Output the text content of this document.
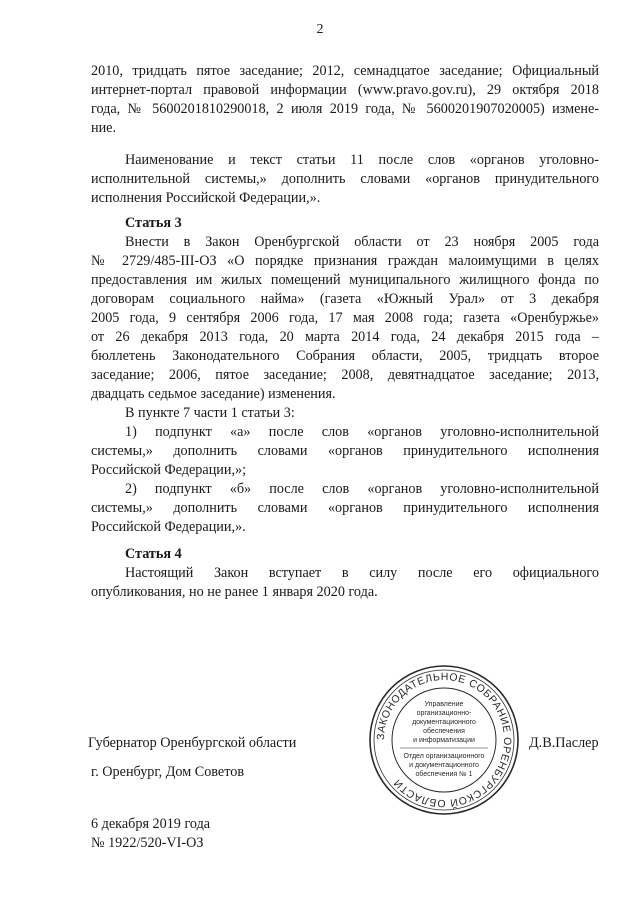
2
2010, тридцать пятое заседание; 2012, семнадцатое заседание; Официальный
интернет-портал правовой информации (www.pravo.gov.ru), 29 октября 2018
года, № 5600201810290018, 2 июля 2019 года, № 5600201907020005) измене-
ние.
Наименование и текст статьи 11 после слов «органов уголовно-
исполнительной системы,» дополнить словами «органов принудительного
исполнения Российской Федерации,».
Статья 3
Внести в Закон Оренбургской области от 23 ноября 2005 года
№ 2729/485-III-ОЗ «О порядке признания граждан малоимущими в целях
предоставления им жилых помещений муниципального жилищного фонда по
договорам социального найма» (газета «Южный Урал» от 3 декабря
2005 года, 9 сентября 2006 года, 17 мая 2008 года; газета «Оренбуржье»
от 26 декабря 2013 года, 20 марта 2014 года, 24 декабря 2015 года –
бюллетень Законодательного Собрания области, 2005, тридцать второе
заседание; 2006, пятое заседание; 2008, девятнадцатое заседание; 2013,
двадцать седьмое заседание) изменения.
В пункте 7 части 1 статьи 3:
1) подпункт «а» после слов «органов уголовно-исполнительной
системы,» дополнить словами «органов принудительного исполнения
Российской Федерации,»;
2) подпункт «б» после слов «органов уголовно-исполнительной
системы,» дополнить словами «органов принудительного исполнения
Российской Федерации,».
Статья 4
Настоящий Закон вступает в силу после его официального
опубликования, но не ранее 1 января 2020 года.
Губернатор Оренбургской области
г. Оренбург, Дом Советов
Д.В.Паслер
6 декабря 2019 года
№ 1922/520-VI-ОЗ
ЗАКОНОДАТЕЛЬНОЕ СОБРАНИЕ ОРЕНБУРГСКОЙ ОБЛАСТИ
Управление
организационно-
документационного
обеспечения
и информатизации
Отдел организационного
и документационного
обеспечения № 1
